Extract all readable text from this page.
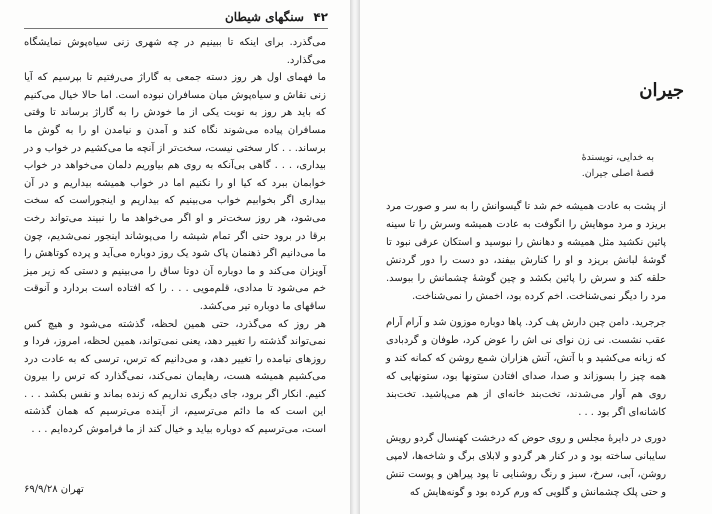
۴۲
سنگهای شیطان

می‌گذرد. برای اینکه تا ببینیم در چه شهری زنی سیاه‌پوش نمایشگاه می‌گذارد.

ما فهمای اول هر روز دسته جمعی به گاراژ می‌رفتیم تا بپرسیم که آیا زنی نقاش و سیاه‌پوش میان مسافران نبوده است. اما حالا خیال می‌کنیم که باید هر روز به نوبت یکی از ما خودش را به گاراژ برساند تا وقتی مسافران پیاده می‌شوند نگاه کند و آمدن و نیامدن او را به گوش ما برساند. . . کار سختی نیست، سخت‌تر از آنچه ما می‌کشیم در خواب و در بیداری، . . . گاهی بی‌آنکه به روی هم بیاوریم دلمان می‌خواهد در خواب خوابمان ببرد که کیا او را نکنیم اما در خواب همیشه بیداریم و در آن بیداری اگر بخوابیم خواب می‌بینیم که بیداریم و اینجوراست که سخت می‌شود، هر روز سخت‌تر و او اگر می‌خواهد ما را نبیند می‌تواند رخت برقا در برود حتی اگر تمام شیشه را می‌پوشاند اینجور نمی‌شدیم، چون ما می‌دانیم اگر ذهنمان پاک شود یک روز دوباره می‌آید و پرده کوتاهش را آویزان می‌کند و ما دوباره آن دوتا ساق را می‌بینیم و دستی که زیر میز خم می‌شود تا مدادی، قلم‌مویی . . . را که افتاده است بردارد و آنوقت ساقهای ما دوباره تیر می‌کشد.

هر روز که می‌گذرد، حتی همین لحظه، گذشته می‌شود و هیچ کس نمی‌تواند گذشته را تغییر دهد، یعنی نمی‌تواند، همین لحظه، امروز، فردا و روزهای نیامده را تغییر دهد، و می‌دانیم که ترس، ترسی که به عادت درد می‌کشیم همیشه هست، رهایمان نمی‌کند، نمی‌گذارد که ترس را بیرون کنیم. انکار اگر برود، جای دیگری نداریم که زنده بماند و نفس بکشد . . . این است که ما دائم می‌ترسیم، از آینده می‌ترسیم که همان گذشته است، می‌ترسیم که دوباره بیاید و خیال کند از ما فراموش کرده‌ایم . . .

تهران ۶۹/۹/۲۸
جیران
به خدایی، نویسندهٔ
قصهٔ اصلی جیران.

از پشت به عادت همیشه خم شد تا گیسوانش را به سر و صورت مرد بریزد و مرد موهایش را انگوفت به عادت همیشه وسرش را تا سینه پائین نکشید مثل همیشه و دهانش را نبوسید و استکان عرقی نبود تا گوشهٔ لبانش بریزد و او را کنارش بیفند، دو دست را دور گردنش حلقه کند و سرش را پائین بکشد و چین گوشهٔ چشمانش را ببوسد. مرد را دیگر نمی‌شناخت. اخم کرده بود، اخمش را نمی‌شناخت.

جرجرید. دامن چین دارش پف کرد. پاها دوباره موزون شد و آرام آرام عقب نشست. نی زن نوای نی اش را عوض کرد، طوفان و گردبادی که زبانه می‌کشید و با آتش، آتش هزاران شمع روشن که کمانه کند و همه چیز را بسوزاند و صدا، صدای افتادن ستونها بود، ستونهایی که روی هم آوار می‌شدند، تخت‌بند خانه‌ای از هم می‌پاشید. تخت‌بند کاشانه‌ای اگر بود . . .

دوری در دایرهٔ مجلس و روی حوض که درخشت کهنسال گردو رویش سایبانی ساخته بود و در کنار هر گردو و لابلای برگ و شاخه‌ها، لامپی روشن، آبی، سرخ، سبز و رنگ روشنایی تا پود پیراهن و پوست تنش و حتی پلک چشمانش و گلویی که ورم کرده بود و گونه‌هایش که
